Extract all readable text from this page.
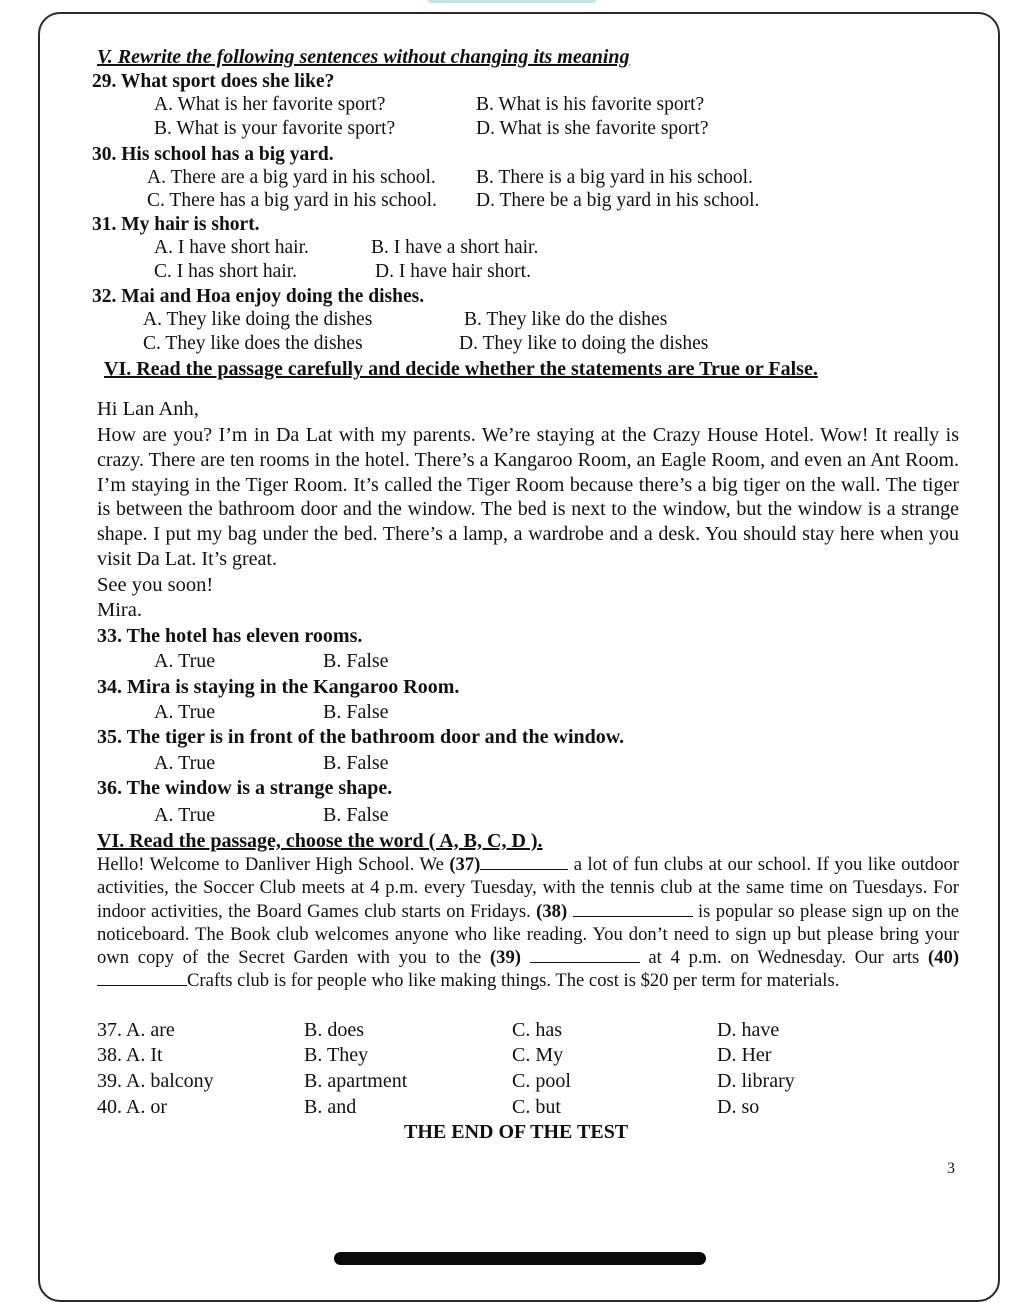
V. Rewrite the following sentences without changing its meaning
29. What sport does she like?
A. What is her favorite sport?	B. What is his favorite sport?
B. What is your favorite sport?	D. What is she favorite sport?
30. His school has a big yard.
A. There are a big yard in his school. B. There is a big yard in his school.
C. There has a big yard in his school. D. There be a big yard in his school.
31. My hair is short.
A. I have short hair.	B. I have a short hair.
C. I has short hair.	D. I have hair short.
32. Mai and Hoa enjoy doing the dishes.
A. They like doing the dishes	B. They like do the dishes
C. They like does the dishes	D. They like to doing the dishes
VI. Read the passage carefully and decide whether the statements are True or False.
Hi Lan Anh,
How are you? I’m in Da Lat with my parents. We’re staying at the Crazy House Hotel. Wow! It really is crazy. There are ten rooms in the hotel. There’s a Kangaroo Room, an Eagle Room, and even an Ant Room. I’m staying in the Tiger Room. It’s called the Tiger Room because there’s a big tiger on the wall. The tiger is between the bathroom door and the window. The bed is next to the window, but the window is a strange shape. I put my bag under the bed. There’s a lamp, a wardrobe and a desk. You should stay here when you visit Da Lat. It’s great.
See you soon!
Mira.
33. The hotel has eleven rooms.
A. True	B. False
34. Mira is staying in the Kangaroo Room.
A. True	B. False
35. The tiger is in front of the bathroom door and the window.
A. True	B. False
36. The window is a strange shape.
A. True	B. False
VI. Read the passage, choose the word ( A, B, C, D ).
Hello! Welcome to Danliver High School. We (37)	a lot of fun clubs at our school. If you like outdoor activities, the Soccer Club meets at 4 p.m. every Tuesday, with the tennis club at the same time on Tuesdays. For indoor activities, the Board Games club starts on Fridays. (38)	is popular so please sign up on the noticeboard. The Book club welcomes anyone who like reading. You don’t need to sign up but please bring your own copy of the Secret Garden with you to the (39)	at 4 p.m. on Wednesday. Our arts (40) Crafts club is for people who like making things. The cost is $20 per term for materials.
37. A. are	B. does	C. has	D. have
38. A. It	B. They	C. My	D. Her
39. A. balcony	B. apartment	C. pool	D. library
40. A. or	B. and	C. but	D. so
THE END OF THE TEST
3
